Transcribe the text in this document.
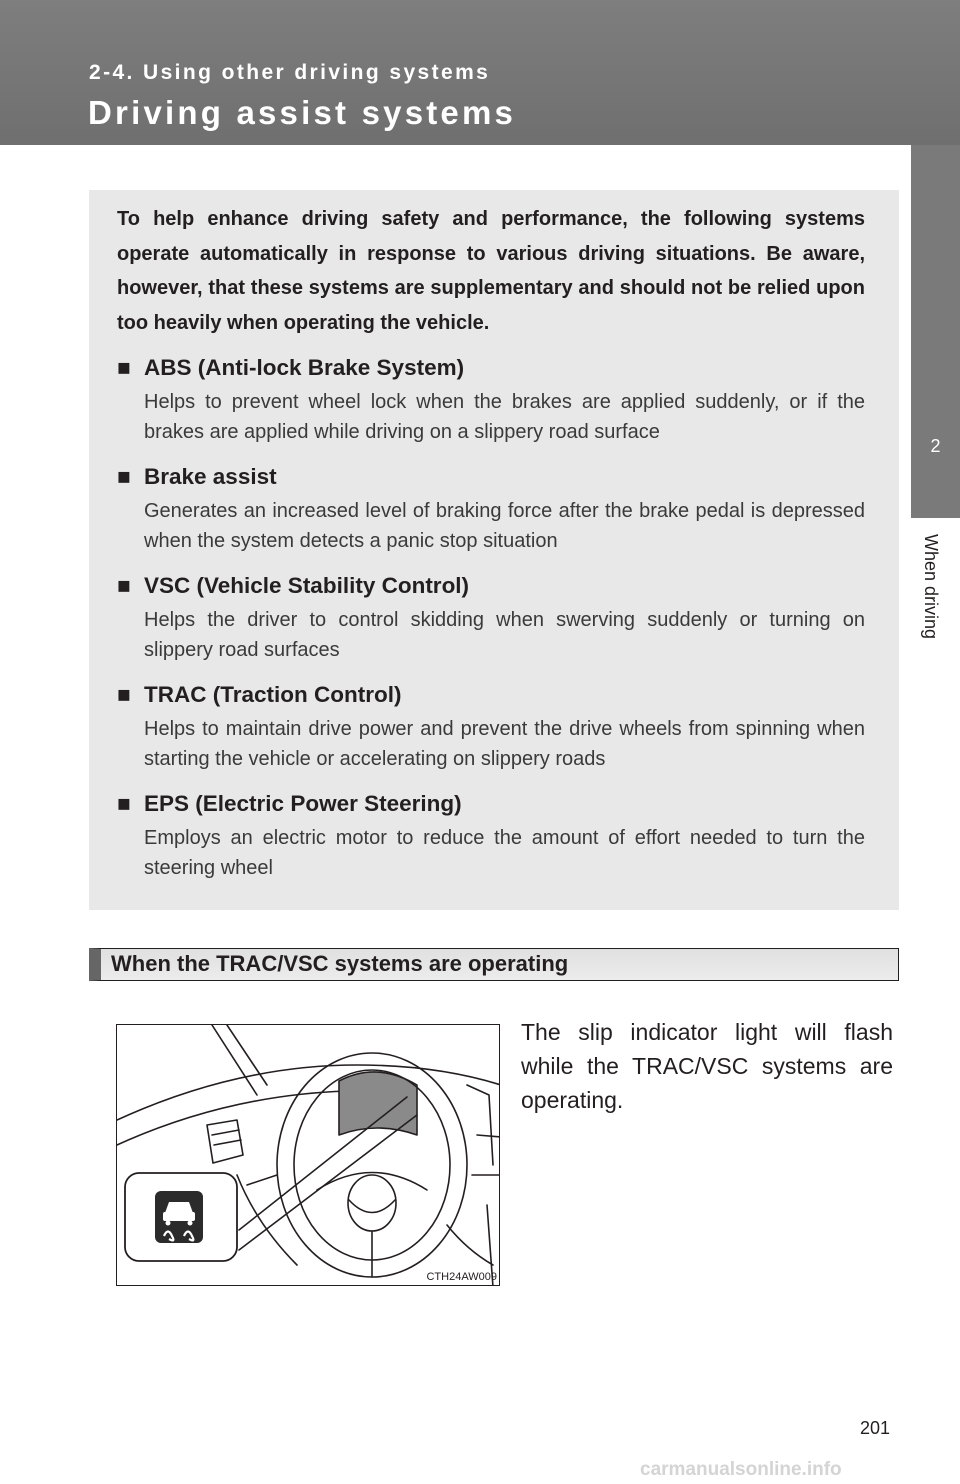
2-4. Using other driving systems
Driving assist systems
2
When driving
To help enhance driving safety and performance, the following systems operate automatically in response to various driving situations. Be aware, however, that these systems are supplementary and should not be relied upon too heavily when operating the vehicle.
■ ABS (Anti-lock Brake System)
Helps to prevent wheel lock when the brakes are applied suddenly, or if the brakes are applied while driving on a slippery road surface
■ Brake assist
Generates an increased level of braking force after the brake pedal is depressed when the system detects a panic stop situation
■ VSC (Vehicle Stability Control)
Helps the driver to control skidding when swerving suddenly or turning on slippery road surfaces
■ TRAC (Traction Control)
Helps to maintain drive power and prevent the drive wheels from spinning when starting the vehicle or accelerating on slippery roads
■ EPS (Electric Power Steering)
Employs an electric motor to reduce the amount of effort needed to turn the steering wheel
When the TRAC/VSC systems are operating
CTH24AW009
The slip indicator light will flash while the TRAC/VSC systems are operating.
201
carmanualsonline.info
